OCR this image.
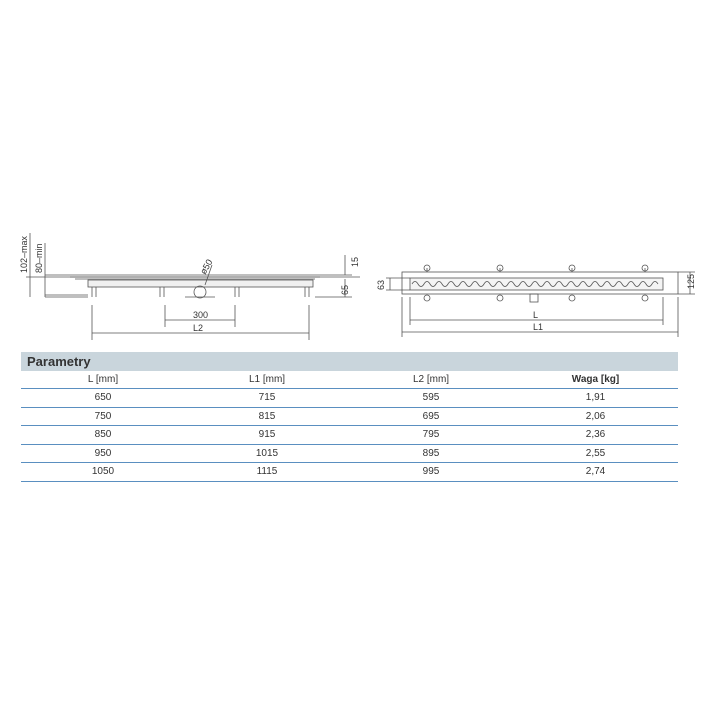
102–max 80–min	ø50	15
65
300
L2
63	125
L
L1
Parametry
L [mm]	L1 [mm]	L2 [mm]	Waga [kg]
650	715	595	1,91
750	815	695	2,06
850	915	795	2,36
950	1015	895	2,55
1050	1115	995	2,74
